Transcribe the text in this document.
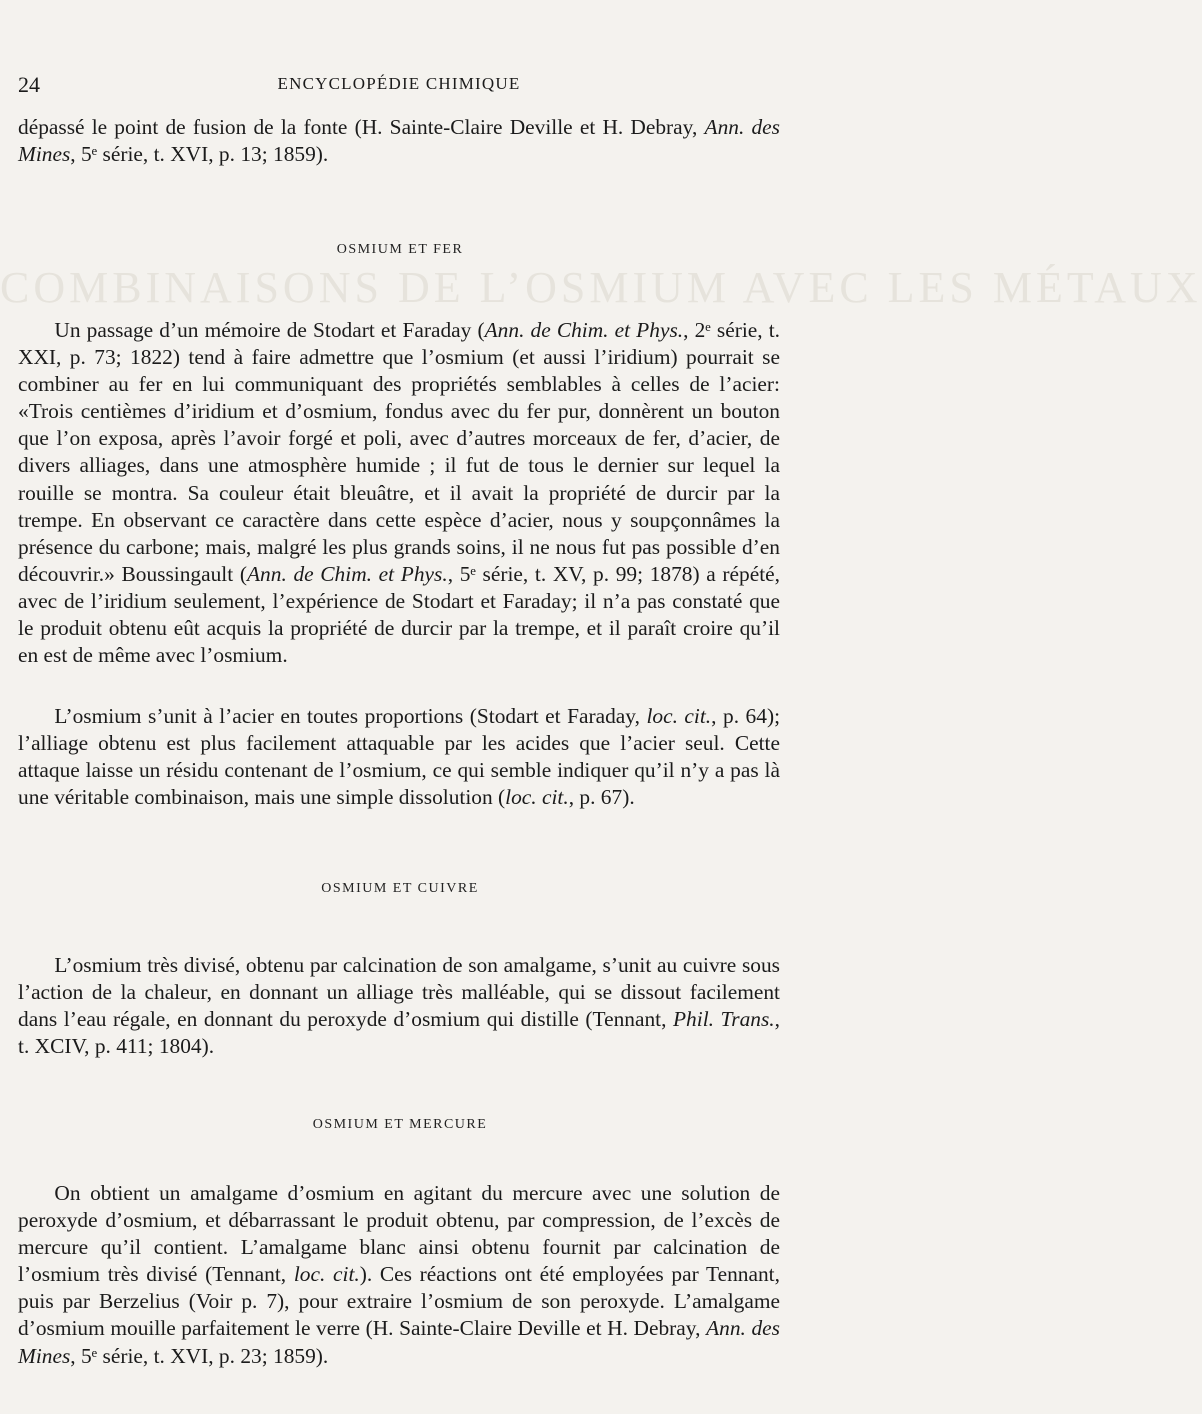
COMBINAISONS DE L’OSMIUM AVEC LES MÉTAUX
24	ENCYCLOPÉDIE CHIMIQUE

dépassé le point de fusion de la fonte (H. Sainte-Claire Deville et H. Debray, Ann. des Mines, 5ᵉ série, t. XVI, p. 13; 1859).

OSMIUM ET FER

Un passage d’un mémoire de Stodart et Faraday (Ann. de Chim. et Phys., 2ᵉ série, t. XXI, p. 73; 1822) tend à faire admettre que l’osmium (et aussi l’iridium) pourrait se combiner au fer en lui communiquant des propriétés semblables à celles de l’acier: «Trois centièmes d’iridium et d’osmium, fondus avec du fer pur, donnèrent un bouton que l’on exposa, après l’avoir forgé et poli, avec d’autres morceaux de fer, d’acier, de divers alliages, dans une atmosphère humide ; il fut de tous le dernier sur lequel la rouille se montra. Sa couleur était bleuâtre, et il avait la propriété de durcir par la trempe. En observant ce caractère dans cette espèce d’acier, nous y soupçonnâmes la présence du carbone; mais, malgré les plus grands soins, il ne nous fut pas possible d’en découvrir.» Boussingault (Ann. de Chim. et Phys., 5ᵉ série, t. XV, p. 99; 1878) a répété, avec de l’iridium seulement, l’expérience de Stodart et Faraday; il n’a pas constaté que le produit obtenu eût acquis la propriété de durcir par la trempe, et il paraît croire qu’il en est de même avec l’osmium.

L’osmium s’unit à l’acier en toutes proportions (Stodart et Faraday, loc. cit., p. 64); l’alliage obtenu est plus facilement attaquable par les acides que l’acier seul. Cette attaque laisse un résidu contenant de l’osmium, ce qui semble indiquer qu’il n’y a pas là une véritable combinaison, mais une simple dissolution (loc. cit., p. 67).

OSMIUM ET CUIVRE

L’osmium très divisé, obtenu par calcination de son amalgame, s’unit au cuivre sous l’action de la chaleur, en donnant un alliage très malléable, qui se dissout facilement dans l’eau régale, en donnant du peroxyde d’osmium qui distille (Tennant, Phil. Trans., t. XCIV, p. 411; 1804).

OSMIUM ET MERCURE

On obtient un amalgame d’osmium en agitant du mercure avec une solution de peroxyde d’osmium, et débarrassant le produit obtenu, par compression, de l’excès de mercure qu’il contient. L’amalgame blanc ainsi obtenu fournit par calcination de l’osmium très divisé (Tennant, loc. cit.). Ces réactions ont été employées par Tennant, puis par Berzelius (Voir p. 7), pour extraire l’osmium de son peroxyde. L’amalgame d’osmium mouille parfaitement le verre (H. Sainte-Claire Deville et H. Debray, Ann. des Mines, 5ᵉ série, t. XVI, p. 23; 1859).
